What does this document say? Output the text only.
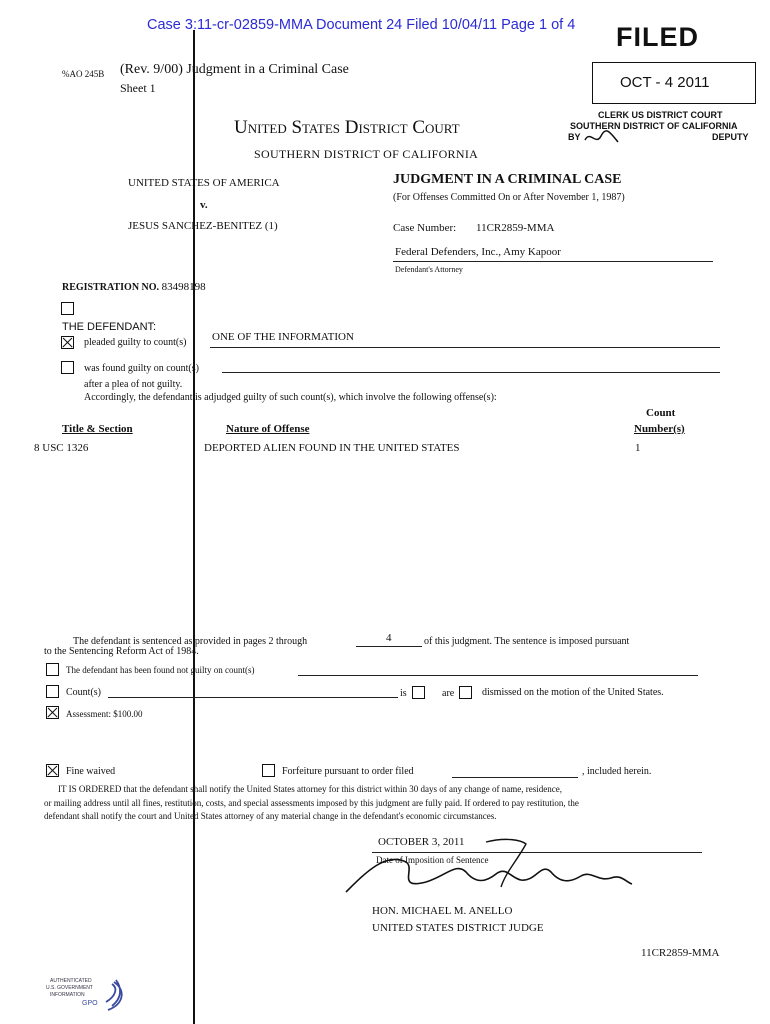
Case 3:11-cr-02859-MMA Document 24 Filed 10/04/11 Page 1 of 4 FILED
OCT - 4 2011
CLERK US DISTRICT COURT
SOUTHERN DISTRICT OF CALIFORNIA
BY	DEPUTY
%AO 245B (Rev. 9/00) Judgment in a Criminal Case
Sheet 1
United States District Court
SOUTHERN DISTRICT OF CALIFORNIA
UNITED STATES OF AMERICA
v.
JESUS SANCHEZ-BENITEZ (1)
JUDGMENT IN A CRIMINAL CASE
(For Offenses Committed On or After November 1, 1987)
Case Number: 11CR2859-MMA
Federal Defenders, Inc., Amy Kapoor
Defendant's Attorney
REGISTRATION NO. 83498198
THE DEFENDANT:
pleaded guilty to count(s) ONE OF THE INFORMATION
was found guilty on count(s)
after a plea of not guilty.
Accordingly, the defendant is adjudged guilty of such count(s), which involve the following offense(s):
Title & Section	Nature of Offense
Count
Number(s)
8 USC 1326	DEPORTED ALIEN FOUND IN THE UNITED STATES	1
The defendant is sentenced as provided in pages 2 through	4	of this judgment. The sentence is imposed pursuant
to the Sentencing Reform Act of 1984.
The defendant has been found not guilty on count(s)
Count(s)	is	are	dismissed on the motion of the United States.
Assessment: $100.00
Fine waived	Forfeiture pursuant to order filed	, included herein.
IT IS ORDERED that the defendant shall notify the United States attorney for this district within 30 days of any change of name, residence,
or mailing address until all fines, restitution, costs, and special assessments imposed by this judgment are fully paid. If ordered to pay restitution, the
defendant shall notify the court and United States attorney of any material change in the defendant's economic circumstances.
OCTOBER 3, 2011
Date of Imposition of Sentence
HON. MICHAEL M. ANELLO
UNITED STATES DISTRICT JUDGE
11CR2859-MMA
AUTHENTICATED
U.S. GOVERNMENT
INFORMATION
GPO
